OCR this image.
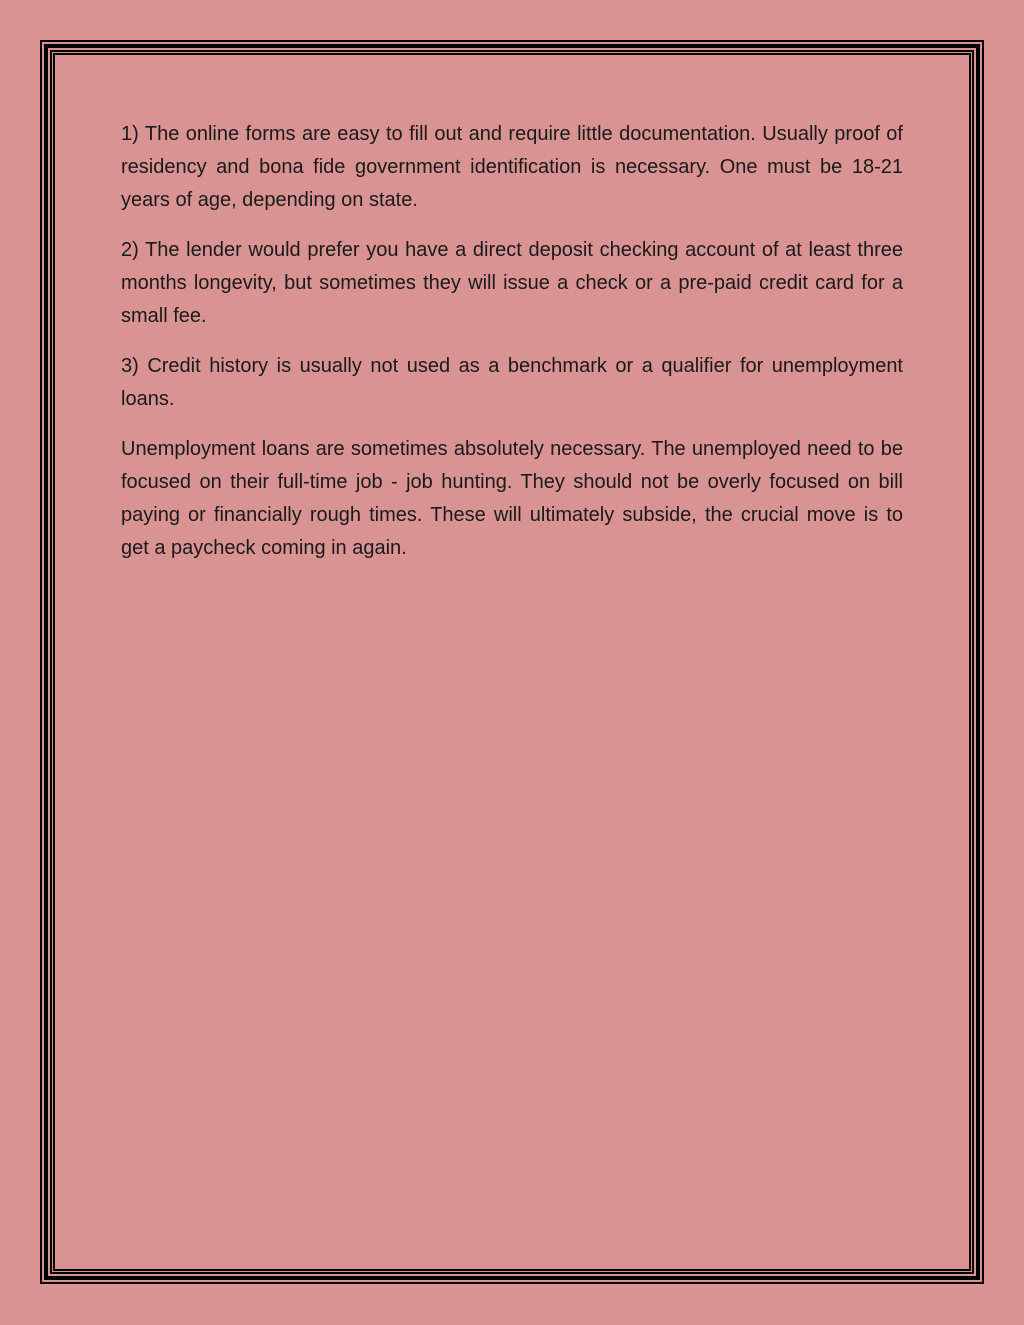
1) The online forms are easy to fill out and require little documentation. Usually proof of residency and bona fide government identification is necessary. One must be 18-21 years of age, depending on state.

2) The lender would prefer you have a direct deposit checking account of at least three months longevity, but sometimes they will issue a check or a pre-paid credit card for a small fee.

3) Credit history is usually not used as a benchmark or a qualifier for unemployment loans.

Unemployment loans are sometimes absolutely necessary. The unemployed need to be focused on their full-time job - job hunting. They should not be overly focused on bill paying or financially rough times. These will ultimately subside, the crucial move is to get a paycheck coming in again.
